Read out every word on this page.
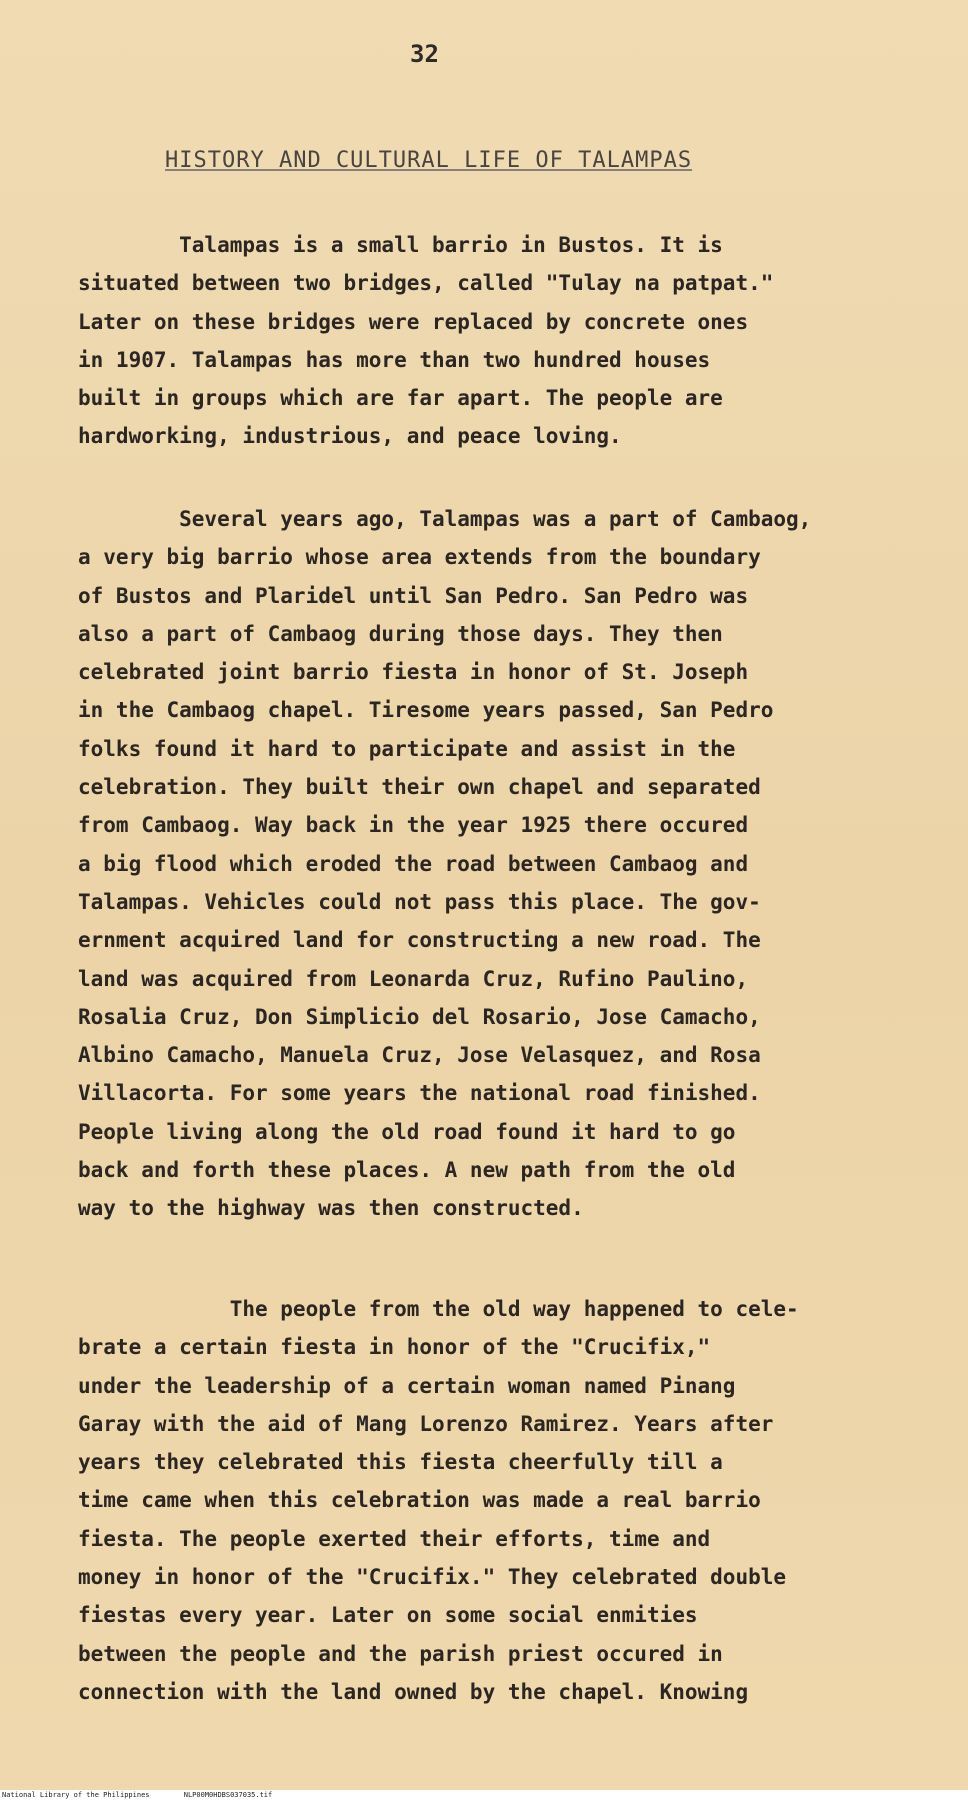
32
HISTORY AND CULTURAL LIFE OF TALAMPAS
Talampas is a small barrio in Bustos. It is
situated between two bridges, called "Tulay na patpat."
Later on these bridges were replaced by concrete ones
in 1907. Talampas has more than two hundred houses
built in groups which are far apart. The people are
hardworking, industrious, and peace loving.
Several years ago, Talampas was a part of Cambaog,
a very big barrio whose area extends from the boundary
of Bustos and Plaridel until San Pedro. San Pedro was
also a part of Cambaog during those days. They then
celebrated joint barrio fiesta in honor of St. Joseph
in the Cambaog chapel. Tiresome years passed, San Pedro
folks found it hard to participate and assist in the
celebration. They built their own chapel and separated
from Cambaog. Way back in the year 1925 there occured
a big flood which eroded the road between Cambaog and
Talampas. Vehicles could not pass this place. The gov-
ernment acquired land for constructing a new road. The
land was acquired from Leonarda Cruz, Rufino Paulino,
Rosalia Cruz, Don Simplicio del Rosario, Jose Camacho,
Albino Camacho, Manuela Cruz, Jose Velasquez, and Rosa
Villacorta. For some years the national road finished.
People living along the old road found it hard to go
back and forth these places. A new path from the old
way to the highway was then constructed.
The people from the old way happened to cele-
brate a certain fiesta in honor of the "Crucifix,"
under the leadership of a certain woman named Pinang
Garay with the aid of Mang Lorenzo Ramirez. Years after
years they celebrated this fiesta cheerfully till a
time came when this celebration was made a real barrio
fiesta. The people exerted their efforts, time and
money in honor of the "Crucifix." They celebrated double
fiestas every year. Later on some social enmities
between the people and the parish priest occured in
connection with the land owned by the chapel. Knowing
National Library of the Philippines	NLP00M0HDBS037035.tif
